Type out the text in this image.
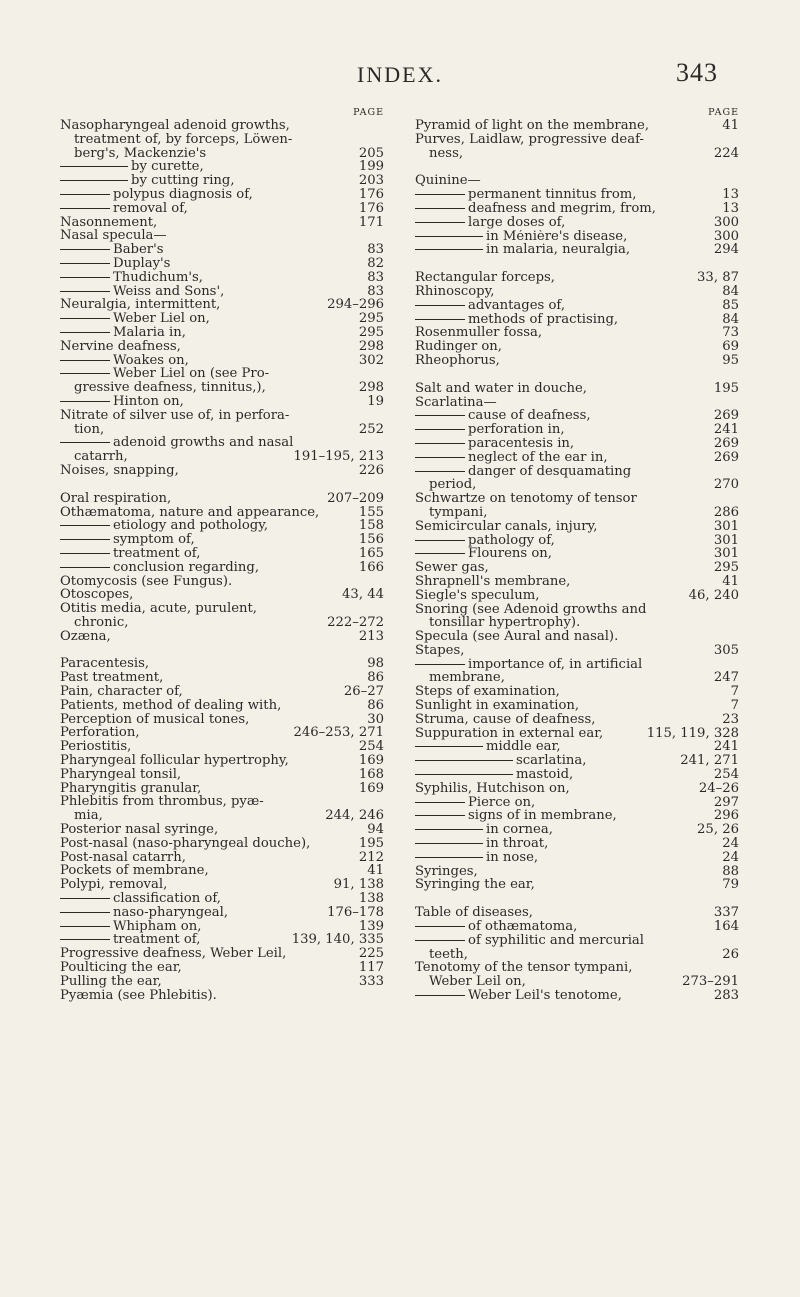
INDEX.	343
PAGE
Nasopharyngeal adenoid growths,
treatment of, by forceps, Löwen-
berg's, Mackenzie's	205
by curette,	199
by cutting ring,	203
polypus diagnosis of,	176
removal of,	176
Nasonnement,	171
Nasal specula—
Baber's	83
Duplay's	82
Thudichum's,	83
Weiss and Sons',	83
Neuralgia, intermittent,	294–296
Weber Liel on,	295
Malaria in,	295
Nervine deafness,	298
Woakes on,	302
Weber Liel on (see Pro-
gressive deafness, tinnitus,),	298
Hinton on,	19
Nitrate of silver use of, in perfora-
tion,	252
adenoid growths and nasal
catarrh,	191–195, 213
Noises, snapping,	226
Oral respiration,	207–209
Othæmatoma, nature and appearance,	155
etiology and pothology,	158
symptom of,	156
treatment of,	165
conclusion regarding,	166
Otomycosis (see Fungus).
Otoscopes,	43, 44
Otitis media, acute, purulent,
chronic,	222–272
Ozæna,	213
Paracentesis,	98
Past treatment,	86
Pain, character of,	26–27
Patients, method of dealing with,	86
Perception of musical tones,	30
Perforation,	246–253, 271
Periostitis,	254
Pharyngeal follicular hypertrophy,	169
Pharyngeal tonsil,	168
Pharyngitis granular,	169
Phlebitis from thrombus, pyæ-
mia,	244, 246
Posterior nasal syringe,	94
Post-nasal (naso-pharyngeal douche),	195
Post-nasal catarrh,	212
Pockets of membrane,	41
Polypi, removal,	91, 138
classification of,	138
naso-pharyngeal,	176–178
Whipham on,	139
treatment of,	139, 140, 335
Progressive deafness, Weber Leil,	225
Poulticing the ear,	117
Pulling the ear,	333
Pyæmia (see Phlebitis).
PAGE
Pyramid of light on the membrane,	41
Purves, Laidlaw, progressive deaf-
ness,	224
Quinine—
permanent tinnitus from,	13
deafness and megrim, from,	13
large doses of,	300
in Ménière's disease,	300
in malaria, neuralgia,	294
Rectangular forceps,	33, 87
Rhinoscopy,	84
advantages of,	85
methods of practising,	84
Rosenmuller fossa,	73
Rudinger on,	69
Rheophorus,	95
Salt and water in douche,	195
Scarlatina—
cause of deafness,	269
perforation in,	241
paracentesis in,	269
neglect of the ear in,	269
danger of desquamating
period,	270
Schwartze on tenotomy of tensor
tympani,	286
Semicircular canals, injury,	301
pathology of,	301
Flourens on,	301
Sewer gas,	295
Shrapnell's membrane,	41
Siegle's speculum,	46, 240
Snoring (see Adenoid growths and
tonsillar hypertrophy).
Specula (see Aural and nasal).
Stapes,	305
importance of, in artificial
membrane,	247
Steps of examination,	7
Sunlight in examination,	7
Struma, cause of deafness,	23
Suppuration in external ear,	115, 119, 328
middle ear,	241
scarlatina,	241, 271
mastoid,	254
Syphilis, Hutchison on,	24–26
Pierce on,	297
signs of in membrane,	296
in cornea,	25, 26
in throat,	24
in nose,	24
Syringes,	88
Syringing the ear,	79
Table of diseases,	337
of othæmatoma,	164
of syphilitic and mercurial
teeth,	26
Tenotomy of the tensor tympani,
Weber Leil on,	273–291
Weber Leil's tenotome,	283
